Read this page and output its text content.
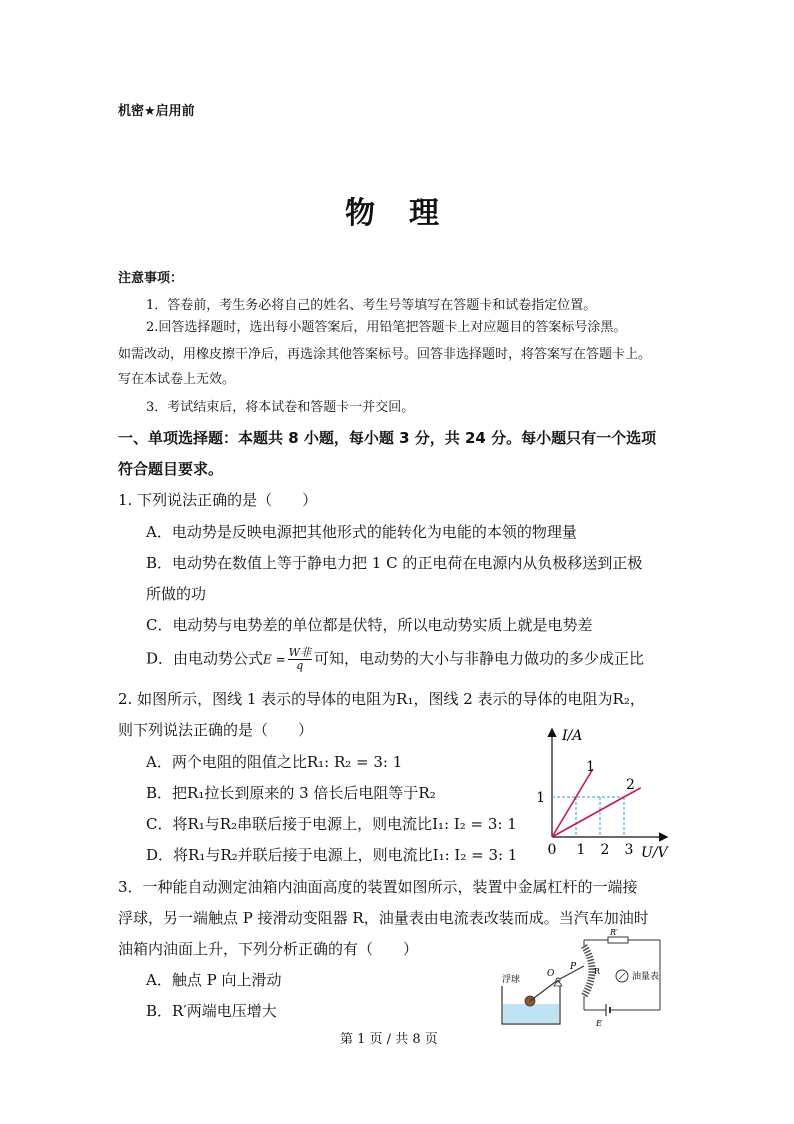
机密★启用前
物　理
注意事项：
1．答卷前，考生务必将自己的姓名、考生号等填写在答题卡和试卷指定位置。
2.回答选择题时，选出每小题答案后，用铅笔把答题卡上对应题目的答案标号涂黑。
如需改动，用橡皮擦干净后，再选涂其他答案标号。回答非选择题时，将答案写在答题卡上。
写在本试卷上无效。
3．考试结束后，将本试卷和答题卡一并交回。
一、单项选择题：本题共 8 小题，每小题 3 分，共 24 分。每小题只有一个选项
符合题目要求。
1. 下列说法正确的是（　　）
A．电动势是反映电源把其他形式的能转化为电能的本领的物理量
B．电动势在数值上等于静电力把 1 C 的正电荷在电源内从负极移送到正极
所做的功
C．电动势与电势差的单位都是伏特，所以电动势实质上就是电势差
D．由电动势公式$E = \frac{\text{W非}}{q}$ 可知，电动势的大小与非静电力做功的多少成正比
2. 如图所示，图线 1 表示的导体的电阻为R₁，图线 2 表示的导体的电阻为R₂，
则下列说法正确的是（　　）
A．两个电阻的阻值之比R₁: R₂ = 3: 1
B．把R₁拉长到原来的 3 倍长后电阻等于R₂
C．将R₁与R₂串联后接于电源上，则电流比I₁: I₂ = 3: 1
D．将R₁与R₂并联后接于电源上，则电流比I₁: I₂ = 3: 1
I/A
U/V
1
0 1 2 3
1
2
3．一种能自动测定油箱内油面高度的装置如图所示，装置中金属杠杆的一端接
浮球，另一端触点 P 接滑动变阻器 R，油量表由电流表改装而成。当汽车加油时
油箱内油面上升，下列分析正确的有（　　）
A．触点 P 向上滑动
B．R′两端电压增大
浮球
O
P R
R′
油量表
E
第 1 页 / 共 8 页
